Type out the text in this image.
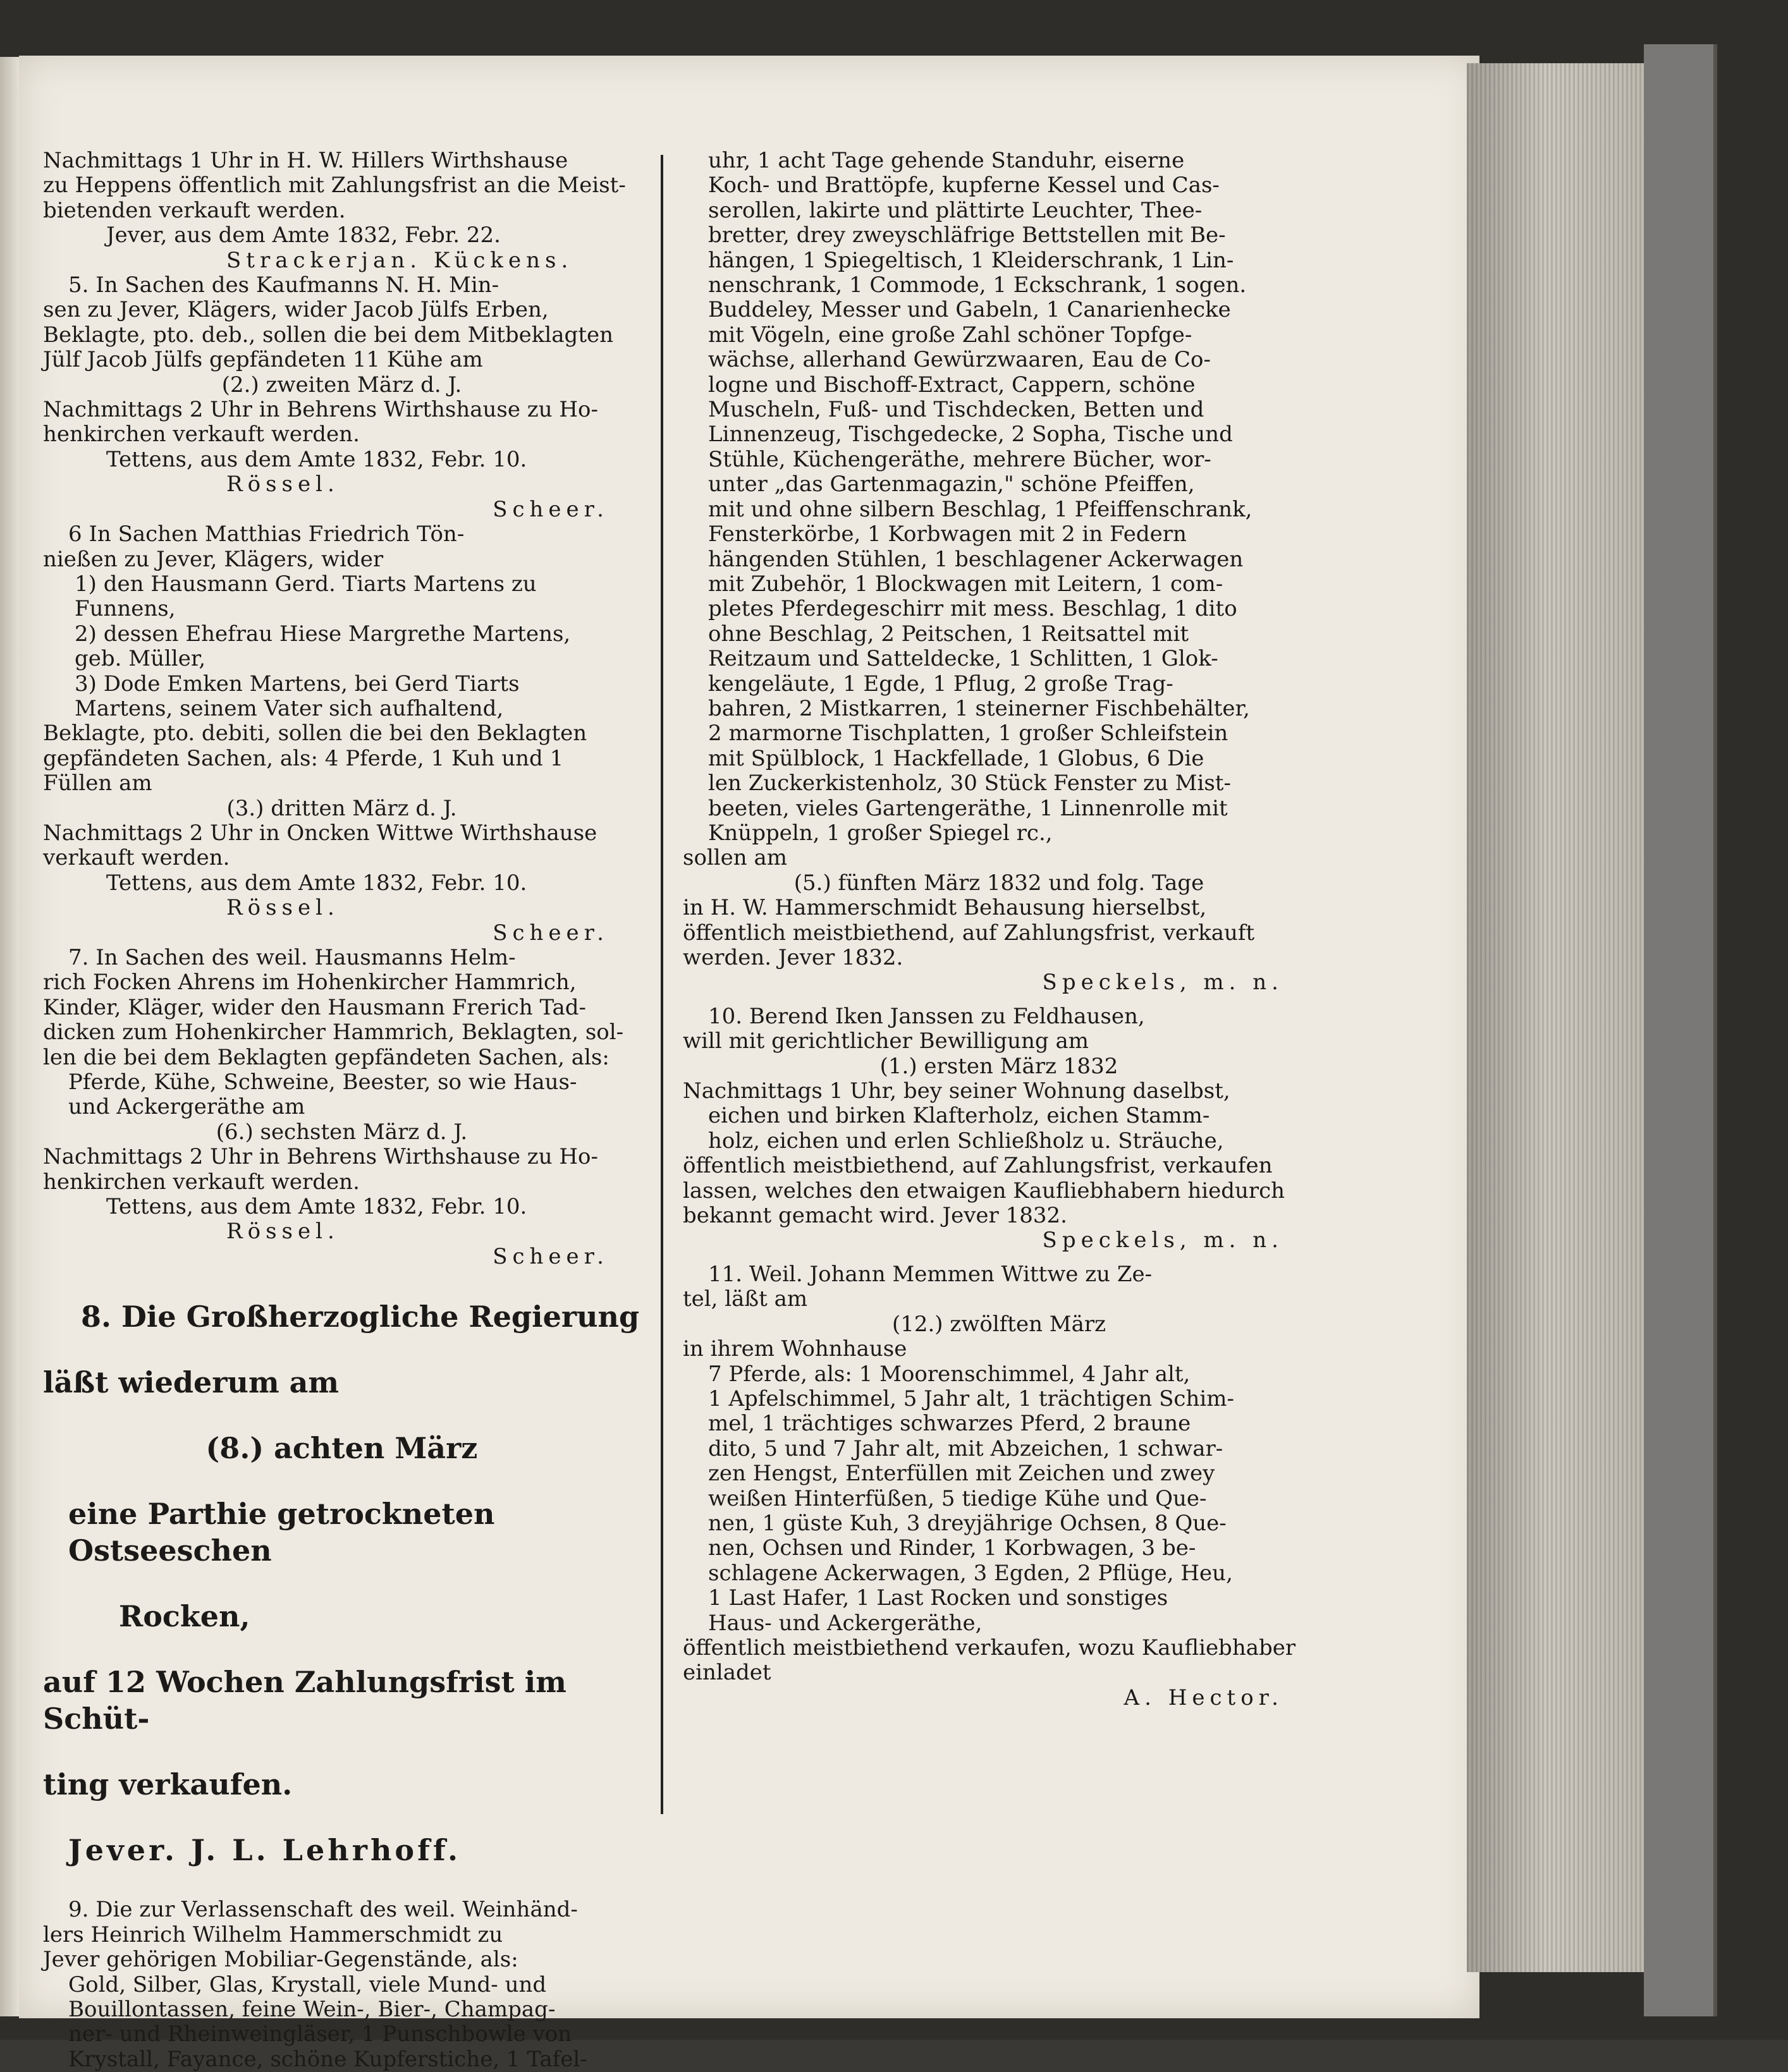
Nachmittags 1 Uhr in H. W. Hillers Wirthshause

zu Heppens öffentlich mit Zahlungsfrist an die Meist-

bietenden verkauft werden.

Jever, aus dem Amte 1832, Febr. 22.

Strackerjan. Kückens.

5. In Sachen des Kaufmanns N. H. Min-

sen zu Jever, Klägers, wider Jacob Jülfs Erben,

Beklagte, pto. deb., sollen die bei dem Mitbeklagten

Jülf Jacob Jülfs gepfändeten 11 Kühe am

(2.) zweiten März d. J.

Nachmittags 2 Uhr in Behrens Wirthshause zu Ho-

henkirchen verkauft werden.

Tettens, aus dem Amte 1832, Febr. 10.

Rössel.

Scheer.

6 In Sachen Matthias Friedrich Tön-

nießen zu Jever, Klägers, wider

1) den Hausmann Gerd. Tiarts Martens zu

Funnens,

2) dessen Ehefrau Hiese Margrethe Martens,

geb. Müller,

3) Dode Emken Martens, bei Gerd Tiarts

Martens, seinem Vater sich aufhaltend,

Beklagte, pto. debiti, sollen die bei den Beklagten

gepfändeten Sachen, als: 4 Pferde, 1 Kuh und 1

Füllen am

(3.) dritten März d. J.

Nachmittags 2 Uhr in Oncken Wittwe Wirthshause

verkauft werden.

Tettens, aus dem Amte 1832, Febr. 10.

Rössel.

Scheer.

7. In Sachen des weil. Hausmanns Helm-

rich Focken Ahrens im Hohenkircher Hammrich,

Kinder, Kläger, wider den Hausmann Frerich Tad-

dicken zum Hohenkircher Hammrich, Beklagten, sol-

len die bei dem Beklagten gepfändeten Sachen, als:

Pferde, Kühe, Schweine, Beester, so wie Haus-

und Ackergeräthe am

(6.) sechsten März d. J.

Nachmittags 2 Uhr in Behrens Wirthshause zu Ho-

henkirchen verkauft werden.

Tettens, aus dem Amte 1832, Febr. 10.

Rössel.

Scheer.

8. Die Großherzogliche Regierung

läßt wiederum am

(8.) achten März

eine Parthie getrockneten Ostseeschen

Rocken,

auf 12 Wochen Zahlungsfrist im Schüt-

ting verkaufen.

Jever. J. L. Lehrhoff.

9. Die zur Verlassenschaft des weil. Weinhänd-

lers Heinrich Wilhelm Hammerschmidt zu

Jever gehörigen Mobiliar-Gegenstände, als:

Gold, Silber, Glas, Krystall, viele Mund- und

Bouillontassen, feine Wein-, Bier-, Champag-

ner- und Rheinweingläser, 1 Punschbowle von

Krystall, Fayance, schöne Kupferstiche, 1 Tafel-

uhr, 1 acht Tage gehende Standuhr, eiserne

Koch- und Brattöpfe, kupferne Kessel und Cas-

serollen, lakirte und plättirte Leuchter, Thee-

bretter, drey zweyschläfrige Bettstellen mit Be-

hängen, 1 Spiegeltisch, 1 Kleiderschrank, 1 Lin-

nenschrank, 1 Commode, 1 Eckschrank, 1 sogen.

Buddeley, Messer und Gabeln, 1 Canarienhecke

mit Vögeln, eine große Zahl schöner Topfge-

wächse, allerhand Gewürzwaaren, Eau de Co-

logne und Bischoff-Extract, Cappern, schöne

Muscheln, Fuß- und Tischdecken, Betten und

Linnenzeug, Tischgedecke, 2 Sopha, Tische und

Stühle, Küchengeräthe, mehrere Bücher, wor-

unter „das Gartenmagazin," schöne Pfeiffen,

mit und ohne silbern Beschlag, 1 Pfeiffenschrank,

Fensterkörbe, 1 Korbwagen mit 2 in Federn

hängenden Stühlen, 1 beschlagener Ackerwagen

mit Zubehör, 1 Blockwagen mit Leitern, 1 com-

pletes Pferdegeschirr mit mess. Beschlag, 1 dito

ohne Beschlag, 2 Peitschen, 1 Reitsattel mit

Reitzaum und Satteldecke, 1 Schlitten, 1 Glok-

kengeläute, 1 Egde, 1 Pflug, 2 große Trag-

bahren, 2 Mistkarren, 1 steinerner Fischbehälter,

2 marmorne Tischplatten, 1 großer Schleifstein

mit Spülblock, 1 Hackfellade, 1 Globus, 6 Die

len Zuckerkistenholz, 30 Stück Fenster zu Mist-

beeten, vieles Gartengeräthe, 1 Linnenrolle mit

Knüppeln, 1 großer Spiegel rc.,

sollen am

(5.) fünften März 1832 und folg. Tage

in H. W. Hammerschmidt Behausung hierselbst,

öffentlich meistbiethend, auf Zahlungsfrist, verkauft

werden. Jever 1832.

Speckels, m. n.

10. Berend Iken Janssen zu Feldhausen,

will mit gerichtlicher Bewilligung am

(1.) ersten März 1832

Nachmittags 1 Uhr, bey seiner Wohnung daselbst,

eichen und birken Klafterholz, eichen Stamm-

holz, eichen und erlen Schließholz u. Sträuche,

öffentlich meistbiethend, auf Zahlungsfrist, verkaufen

lassen, welches den etwaigen Kaufliebhabern hiedurch

bekannt gemacht wird. Jever 1832.

Speckels, m. n.

11. Weil. Johann Memmen Wittwe zu Ze-

tel, läßt am

(12.) zwölften März

in ihrem Wohnhause

7 Pferde, als: 1 Moorenschimmel, 4 Jahr alt,

1 Apfelschimmel, 5 Jahr alt, 1 trächtigen Schim-

mel, 1 trächtiges schwarzes Pferd, 2 braune

dito, 5 und 7 Jahr alt, mit Abzeichen, 1 schwar-

zen Hengst, Enterfüllen mit Zeichen und zwey

weißen Hinterfüßen, 5 tiedige Kühe und Que-

nen, 1 güste Kuh, 3 dreyjährige Ochsen, 8 Que-

nen, Ochsen und Rinder, 1 Korbwagen, 3 be-

schlagene Ackerwagen, 3 Egden, 2 Pflüge, Heu,

1 Last Hafer, 1 Last Rocken und sonstiges

Haus- und Ackergeräthe,

öffentlich meistbiethend verkaufen, wozu Kaufliebhaber

einladet

A. Hector.
